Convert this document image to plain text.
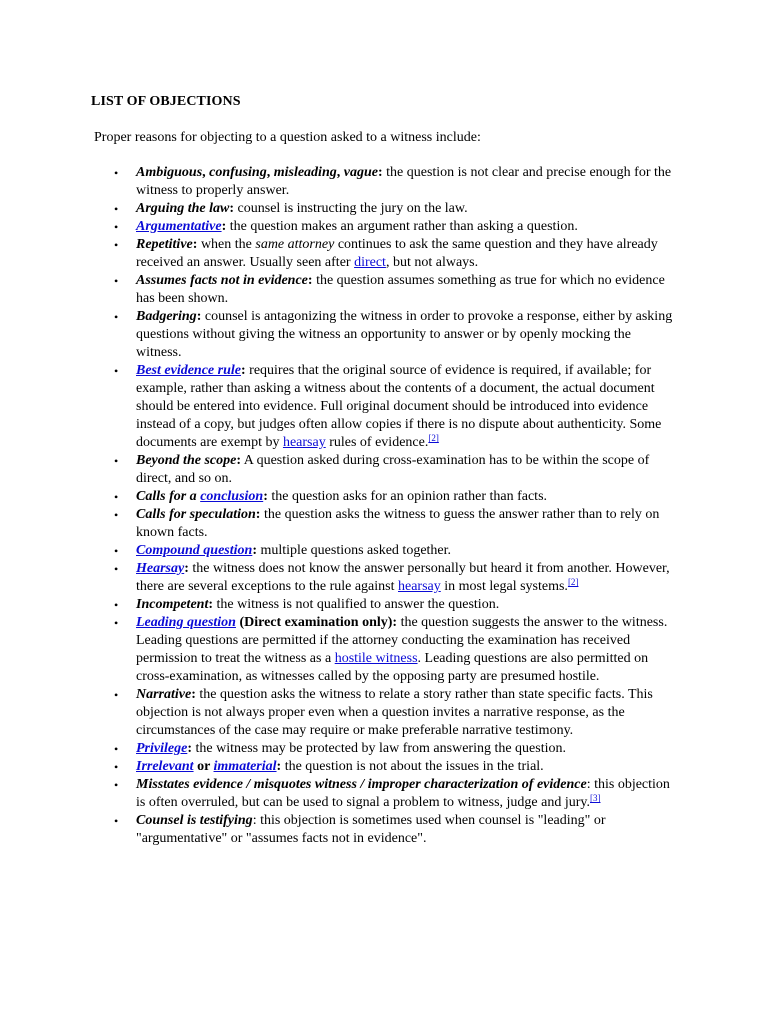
LIST OF OBJECTIONS

Proper reasons for objecting to a question asked to a witness include:

• Ambiguous, confusing, misleading, vague: the question is not clear and precise enough for the witness to properly answer.
• Arguing the law: counsel is instructing the jury on the law.
• Argumentative: the question makes an argument rather than asking a question.
• Repetitive: when the same attorney continues to ask the same question and they have already received an answer. Usually seen after direct, but not always.
• Assumes facts not in evidence: the question assumes something as true for which no evidence has been shown.
• Badgering: counsel is antagonizing the witness in order to provoke a response, either by asking questions without giving the witness an opportunity to answer or by openly mocking the witness.
• Best evidence rule: requires that the original source of evidence is required, if available; for example, rather than asking a witness about the contents of a document, the actual document should be entered into evidence. Full original document should be introduced into evidence instead of a copy, but judges often allow copies if there is no dispute about authenticity. Some documents are exempt by hearsay rules of evidence.[2]
• Beyond the scope: A question asked during cross-examination has to be within the scope of direct, and so on.
• Calls for a conclusion: the question asks for an opinion rather than facts.
• Calls for speculation: the question asks the witness to guess the answer rather than to rely on known facts.
• Compound question: multiple questions asked together.
• Hearsay: the witness does not know the answer personally but heard it from another. However, there are several exceptions to the rule against hearsay in most legal systems.[2]
• Incompetent: the witness is not qualified to answer the question.
• Leading question (Direct examination only): the question suggests the answer to the witness. Leading questions are permitted if the attorney conducting the examination has received permission to treat the witness as a hostile witness. Leading questions are also permitted on cross-examination, as witnesses called by the opposing party are presumed hostile.
• Narrative: the question asks the witness to relate a story rather than state specific facts. This objection is not always proper even when a question invites a narrative response, as the circumstances of the case may require or make preferable narrative testimony.
• Privilege: the witness may be protected by law from answering the question.
• Irrelevant or immaterial: the question is not about the issues in the trial.
• Misstates evidence / misquotes witness / improper characterization of evidence: this objection is often overruled, but can be used to signal a problem to witness, judge and jury.[3]
• Counsel is testifying: this objection is sometimes used when counsel is "leading" or "argumentative" or "assumes facts not in evidence".
